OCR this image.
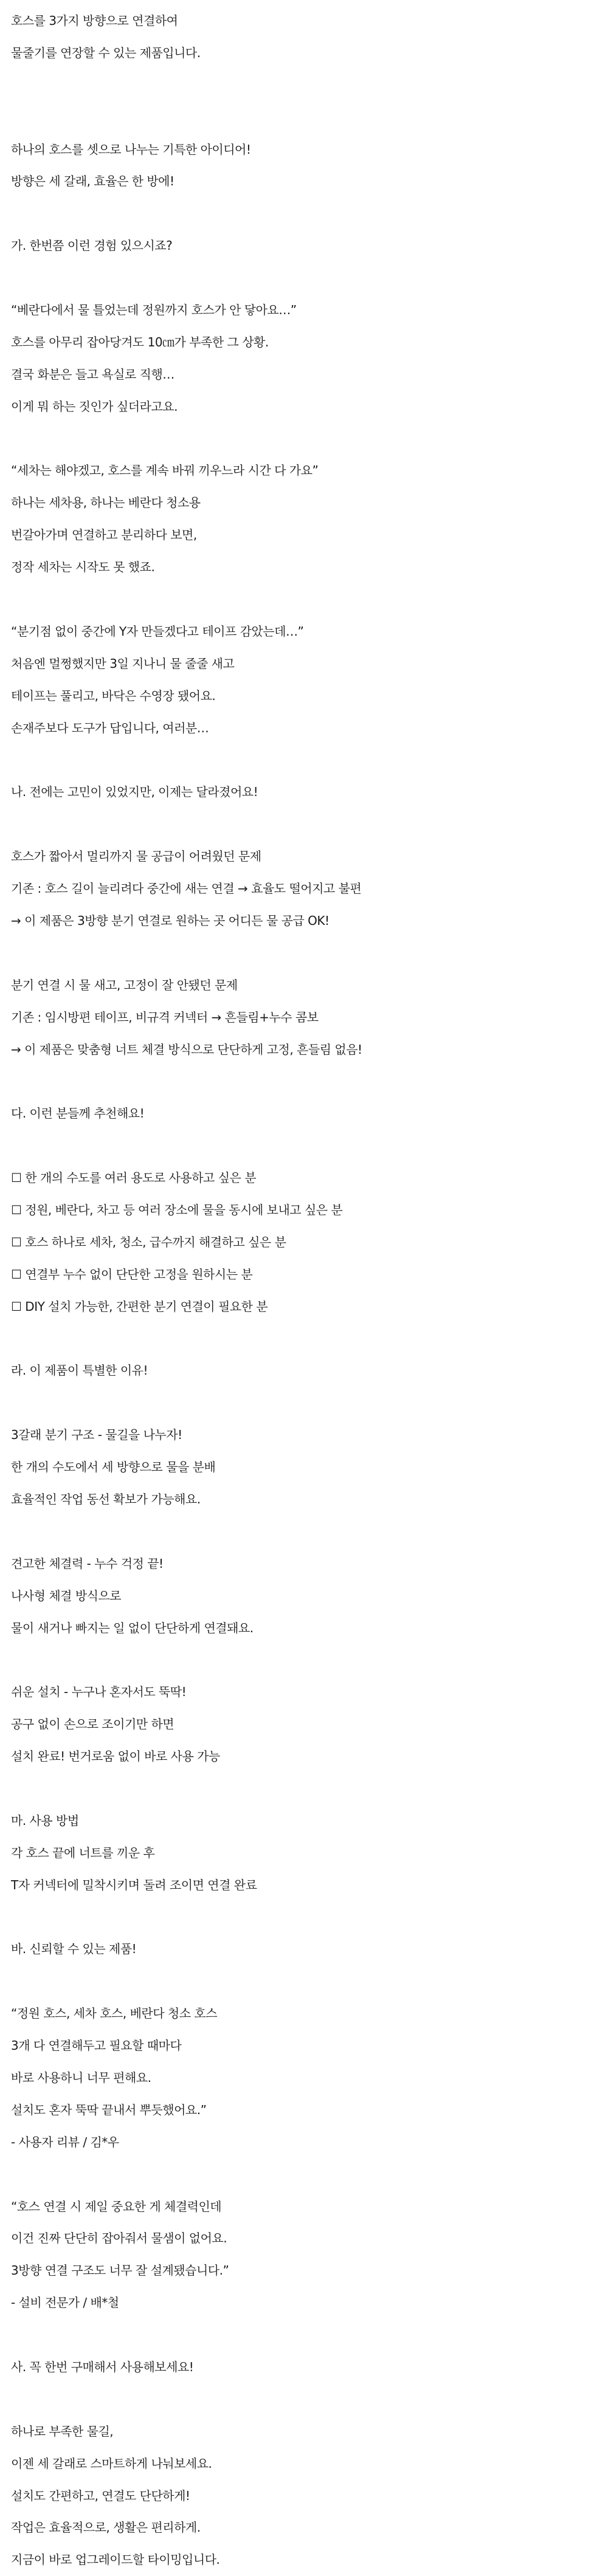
호스를 3가지 방향으로 연결하여
물줄기를 연장할 수 있는 제품입니다.
하나의 호스를 셋으로 나누는 기특한 아이디어!
방향은 세 갈래, 효율은 한 방에!
가. 한번쯤 이런 경험 있으시죠?
“베란다에서 물 틀었는데 정원까지 호스가 안 닿아요…”
호스를 아무리 잡아당겨도 10㎝가 부족한 그 상황.
결국 화분은 들고 욕실로 직행…
이게 뭐 하는 짓인가 싶더라고요.
“세차는 해야겠고, 호스를 계속 바꿔 끼우느라 시간 다 가요”
하나는 세차용, 하나는 베란다 청소용
번갈아가며 연결하고 분리하다 보면,
정작 세차는 시작도 못 했죠.
“분기점 없이 중간에 Y자 만들겠다고 테이프 감았는데…”
처음엔 멀쩡했지만 3일 지나니 물 줄줄 새고
테이프는 풀리고, 바닥은 수영장 됐어요.
손재주보다 도구가 답입니다, 여러분…
나. 전에는 고민이 있었지만, 이제는 달라졌어요!
호스가 짧아서 멀리까지 물 공급이 어려웠던 문제
기존 : 호스 길이 늘리려다 중간에 새는 연결 → 효율도 떨어지고 불편
→ 이 제품은 3방향 분기 연결로 원하는 곳 어디든 물 공급 OK!
분기 연결 시 물 새고, 고정이 잘 안됐던 문제
기존 : 임시방편 테이프, 비규격 커넥터 → 흔들림+누수 콤보
→ 이 제품은 맞춤형 너트 체결 방식으로 단단하게 고정, 흔들림 없음!
다. 이런 분들께 추천해요!
☐ 한 개의 수도를 여러 용도로 사용하고 싶은 분
☐ 정원, 베란다, 차고 등 여러 장소에 물을 동시에 보내고 싶은 분
☐ 호스 하나로 세차, 청소, 급수까지 해결하고 싶은 분
☐ 연결부 누수 없이 단단한 고정을 원하시는 분
☐ DIY 설치 가능한, 간편한 분기 연결이 필요한 분
라. 이 제품이 특별한 이유!
3갈래 분기 구조 - 물길을 나누자!
한 개의 수도에서 세 방향으로 물을 분배
효율적인 작업 동선 확보가 가능해요.
견고한 체결력 - 누수 걱정 끝!
나사형 체결 방식으로
물이 새거나 빠지는 일 없이 단단하게 연결돼요.
쉬운 설치 - 누구나 혼자서도 뚝딱!
공구 없이 손으로 조이기만 하면
설치 완료! 번거로움 없이 바로 사용 가능
마. 사용 방법
각 호스 끝에 너트를 끼운 후
T자 커넥터에 밀착시키며 돌려 조이면 연결 완료
바. 신뢰할 수 있는 제품!
“정원 호스, 세차 호스, 베란다 청소 호스
3개 다 연결해두고 필요할 때마다
바로 사용하니 너무 편해요.
설치도 혼자 뚝딱 끝내서 뿌듯했어요.”
- 사용자 리뷰 / 김*우
“호스 연결 시 제일 중요한 게 체결력인데
이건 진짜 단단히 잡아줘서 물샘이 없어요.
3방향 연결 구조도 너무 잘 설계됐습니다.”
- 설비 전문가 / 배*철
사. 꼭 한번 구매해서 사용해보세요!
하나로 부족한 물길,
이젠 세 갈래로 스마트하게 나눠보세요.
설치도 간편하고, 연결도 단단하게!
작업은 효율적으로, 생활은 편리하게.
지금이 바로 업그레이드할 타이밍입니다.
